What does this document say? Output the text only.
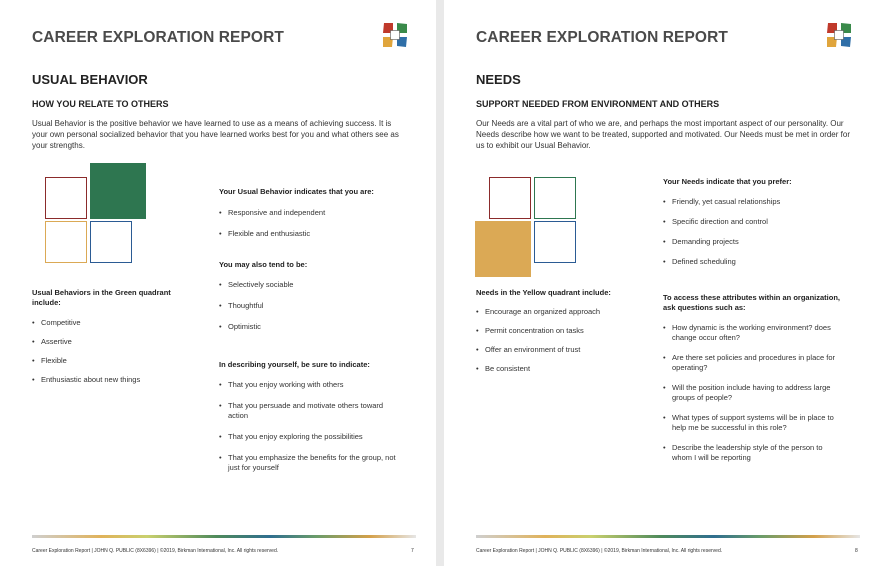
CAREER EXPLORATION REPORT
USUAL BEHAVIOR
HOW YOU RELATE TO OTHERS
Usual Behavior is the positive behavior we have learned to use as a means of achieving success. It is your own personal socialized behavior that you have learned works best for you and what others see as your strengths.
Usual Behaviors in the Green quadrant include:
• Competitive
• Assertive
• Flexible
• Enthusiastic about new things
Your Usual Behavior indicates that you are:
• Responsive and independent
• Flexible and enthusiastic
You may also tend to be:
• Selectively sociable
• Thoughtful
• Optimistic
In describing yourself, be sure to indicate:
• That you enjoy working with others
• That you persuade and motivate others toward action
• That you enjoy exploring the possibilities
• That you emphasize the benefits for the group, not just for yourself
Career Exploration Report | JOHN Q. PUBLIC (8X6396) | ©2019, Birkman International, Inc. All rights reserved.	7
CAREER EXPLORATION REPORT
NEEDS
SUPPORT NEEDED FROM ENVIRONMENT AND OTHERS
Our Needs are a vital part of who we are, and perhaps the most important aspect of our personality. Our Needs describe how we want to be treated, supported and motivated. Our Needs must be met in order for us to exhibit our Usual Behavior.
Needs in the Yellow quadrant include:
• Encourage an organized approach
• Permit concentration on tasks
• Offer an environment of trust
• Be consistent
Your Needs indicate that you prefer:
• Friendly, yet casual relationships
• Specific direction and control
• Demanding projects
• Defined scheduling
To access these attributes within an organization, ask questions such as:
• How dynamic is the working environment? does change occur often?
• Are there set policies and procedures in place for operating?
• Will the position include having to address large groups of people?
• What types of support systems will be in place to help me be successful in this role?
• Describe the leadership style of the person to whom I will be reporting
Career Exploration Report | JOHN Q. PUBLIC (8X6396) | ©2019, Birkman International, Inc. All rights reserved.	8
